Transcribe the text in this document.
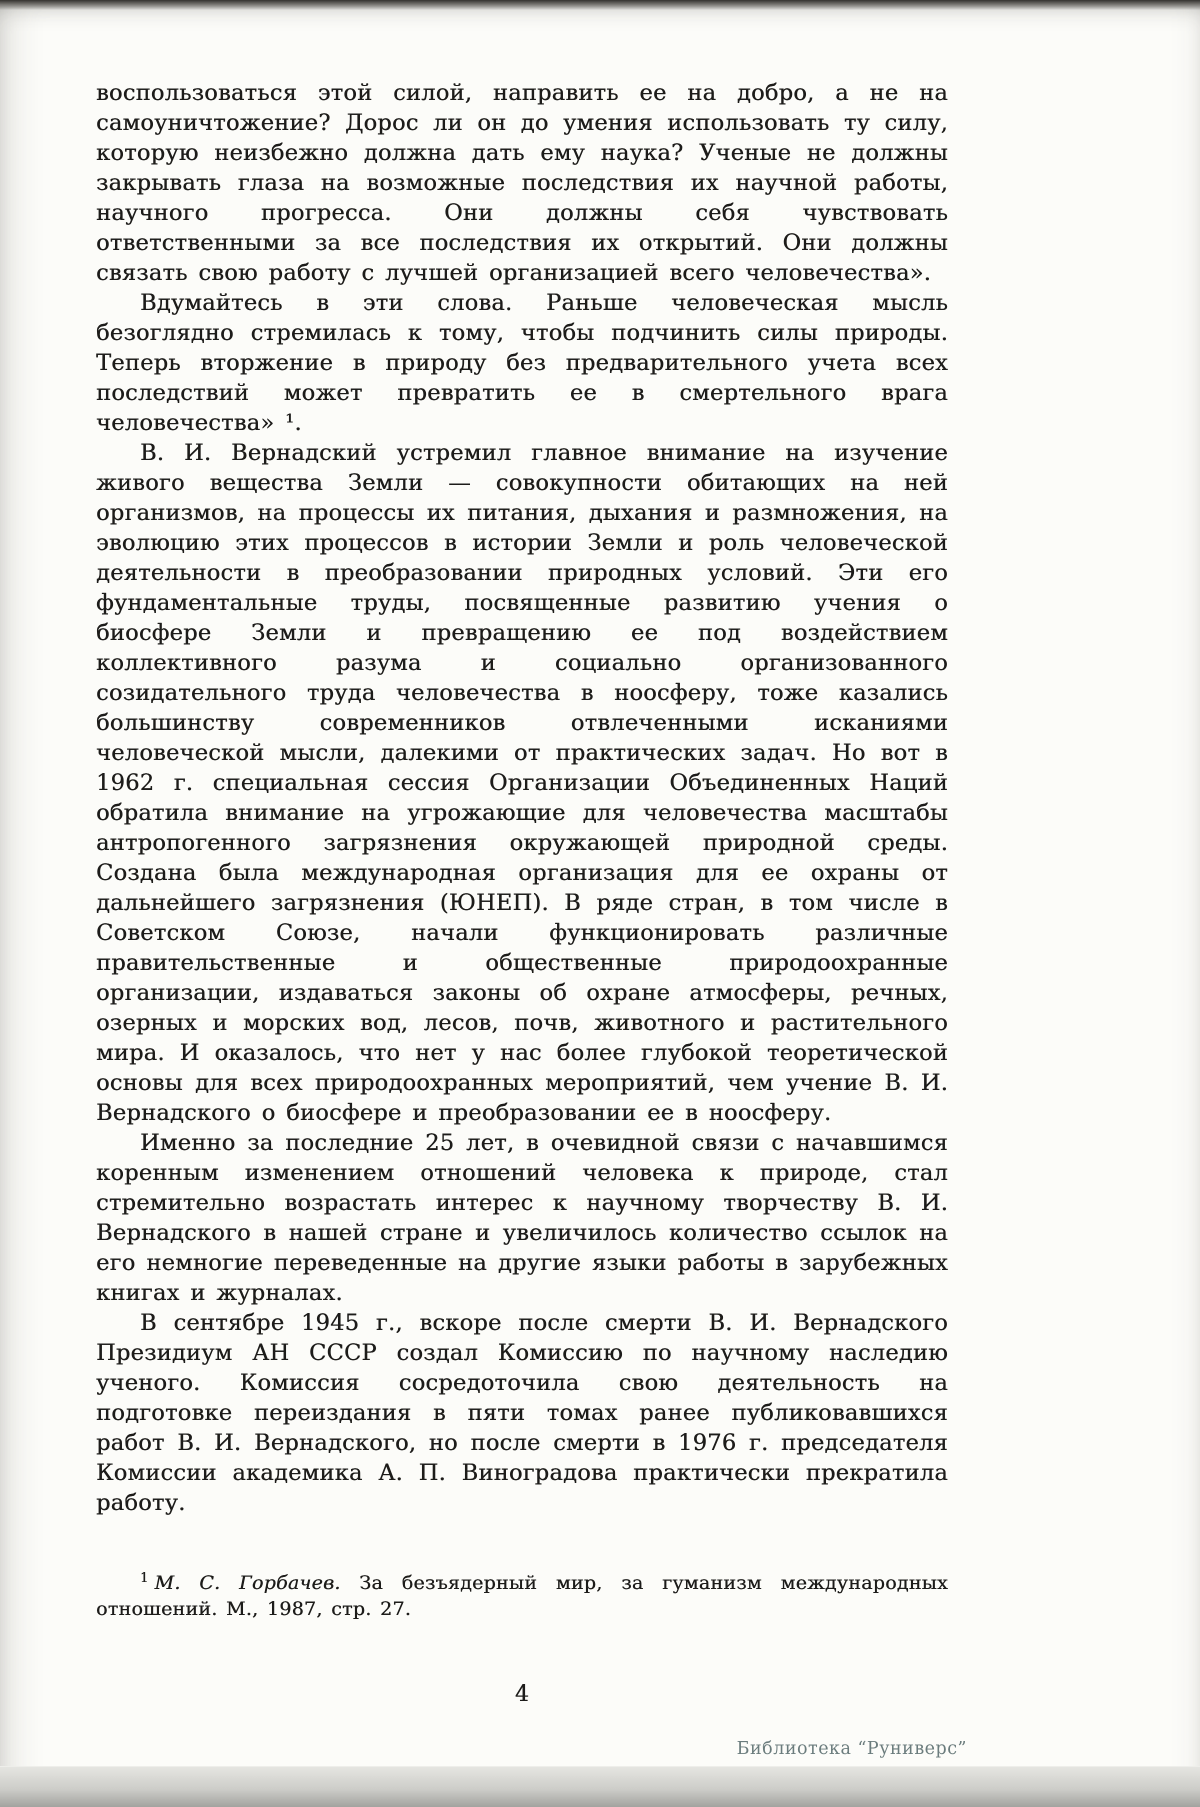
воспользоваться этой силой, направить ее на добро, а не на самоуничтожение? Дорос ли он до умения использовать ту силу, которую неизбежно должна дать ему наука? Ученые не должны закрывать глаза на возможные последствия их научной работы, научного прогресса. Они должны себя чувствовать ответственными за все последствия их открытий. Они должны связать свою работу с лучшей организацией всего человечества».

Вдумайтесь в эти слова. Раньше человеческая мысль безоглядно стремилась к тому, чтобы подчинить силы природы. Теперь вторжение в природу без предварительного учета всех последствий может превратить ее в смертельного врага человечества» ¹.

В. И. Вернадский устремил главное внимание на изучение живого вещества Земли — совокупности обитающих на ней организмов, на процессы их питания, дыхания и размножения, на эволюцию этих процессов в истории Земли и роль человеческой деятельности в преобразовании природных условий. Эти его фундаментальные труды, посвященные развитию учения о биосфере Земли и превращению ее под воздействием коллективного разума и социально организованного созидательного труда человечества в ноосферу, тоже казались большинству современников отвлеченными исканиями человеческой мысли, далекими от практических задач. Но вот в 1962 г. специальная сессия Организации Объединенных Наций обратила внимание на угрожающие для человечества масштабы антропогенного загрязнения окружающей природной среды. Создана была международная организация для ее охраны от дальнейшего загрязнения (ЮНЕП). В ряде стран, в том числе в Советском Союзе, начали функционировать различные правительственные и общественные природоохранные организации, издаваться законы об охране атмосферы, речных, озерных и морских вод, лесов, почв, животного и растительного мира. И оказалось, что нет у нас более глубокой теоретической основы для всех природоохранных мероприятий, чем учение В. И. Вернадского о биосфере и преобразовании ее в ноосферу.

Именно за последние 25 лет, в очевидной связи с начавшимся коренным изменением отношений человека к природе, стал стремительно возрастать интерес к научному творчеству В. И. Вернадского в нашей стране и увеличилось количество ссылок на его немногие переведенные на другие языки работы в зарубежных книгах и журналах.

В сентябре 1945 г., вскоре после смерти В. И. Вернадского Президиум АН СССР создал Комиссию по научному наследию ученого. Комиссия сосредоточила свою деятельность на подготовке переиздания в пяти томах ранее публиковавшихся работ В. И. Вернадского, но после смерти в 1976 г. председателя Комиссии академика А. П. Виноградова практически прекратила работу.

$^1$ М. С. Горбачев. За безъядерный мир, за гуманизм международных отношений. М., 1987, стр. 27.

4
Библиотека “Руниверс”
